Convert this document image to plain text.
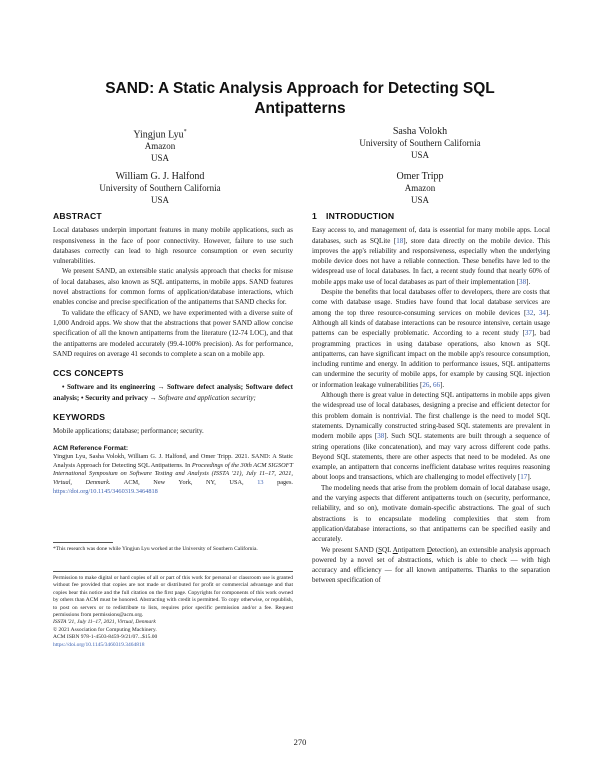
SAND: A Static Analysis Approach for Detecting SQL
Antipatterns
Yingjun Lyu*
Amazon
USA
Sasha Volokh
University of Southern California
USA
William G. J. Halfond
University of Southern California
USA
Omer Tripp
Amazon
USA
ABSTRACT

Local databases underpin important features in many mobile applications, such as responsiveness in the face of poor connectivity. However, failure to use such databases correctly can lead to high resource consumption or even security vulnerabilities.

We present SAND, an extensible static analysis approach that checks for misuse of local databases, also known as SQL antipatterns, in mobile apps. SAND features novel abstractions for common forms of application/database interactions, which enables concise and precise specification of the antipatterns that SAND checks for.

To validate the efficacy of SAND, we have experimented with a diverse suite of 1,000 Android apps. We show that the abstractions that power SAND allow concise specification of all the known antipatterns from the literature (12-74 LOC), and that the antipatterns are modeled accurately (99.4-100% precision). As for performance, SAND requires on average 41 seconds to complete a scan on a mobile app.

CCS CONCEPTS

• Software and its engineering → Software defect analysis; Software defect analysis; • Security and privacy → Software and application security;

KEYWORDS

Mobile applications; database; performance; security.

ACM Reference Format:

Yingjun Lyu, Sasha Volokh, William G. J. Halfond, and Omer Tripp. 2021. SAND: A Static Analysis Approach for Detecting SQL Antipatterns. In Proceedings of the 30th ACM SIGSOFT International Symposium on Software Testing and Analysis (ISSTA '21), July 11–17, 2021, Virtual, Denmark. ACM, New York, NY, USA, 13 pages. https://doi.org/10.1145/3460319.3464818

*This research was done while Yingjun Lyu worked at the University of Southern California.

Permission to make digital or hard copies of all or part of this work for personal or classroom use is granted without fee provided that copies are not made or distributed for profit or commercial advantage and that copies bear this notice and the full citation on the first page. Copyrights for components of this work owned by others than ACM must be honored. Abstracting with credit is permitted. To copy otherwise, or republish, to post on servers or to redistribute to lists, requires prior specific permission and/or a fee. Request permissions from permissions@acm.org.

ISSTA '21, July 11–17, 2021, Virtual, Denmark

© 2021 Association for Computing Machinery.

ACM ISBN 978-1-4503-8459-9/21/07...$15.00

https://doi.org/10.1145/3460319.3464818

1 INTRODUCTION

Easy access to, and management of, data is essential for many mobile apps. Local databases, such as SQLite [18], store data directly on the mobile device. This improves the app's reliability and responsiveness, especially when the underlying mobile device does not have a reliable connection. These benefits have led to the widespread use of local databases. In fact, a recent study found that nearly 60% of mobile apps make use of local databases as part of their implementation [38].

Despite the benefits that local databases offer to developers, there are costs that come with database usage. Studies have found that local database services are among the top three resource-consuming services on mobile devices [32, 34]. Although all kinds of database interactions can be resource intensive, certain usage patterns can be especially problematic. According to a recent study [37], bad programming practices in using database operations, also known as SQL antipatterns, can have significant impact on the mobile app's resource consumption, including runtime and energy. In addition to performance issues, SQL antipatterns can undermine the security of mobile apps, for example by causing SQL injection or information leakage vulnerabilities [26, 66].

Although there is great value in detecting SQL antipatterns in mobile apps given the widespread use of local databases, designing a precise and efficient detector for this problem domain is nontrivial. The first challenge is the need to model SQL statements. Dynamically constructed string-based SQL statements are prevalent in modern mobile apps [38]. Such SQL statements are built through a sequence of string operations (like concatenation), and may vary across different code paths. Beyond SQL statements, there are other aspects that need to be modeled. As one example, an antipattern that concerns inefficient database writes requires reasoning about loops and transactions, which are challenging to model effectively [17].

The modeling needs that arise from the problem domain of local database usage, and the varying aspects that different antipatterns touch on (security, performance, reliability, and so on), motivate domain-specific abstractions. The goal of such abstractions is to encapsulate modeling complexities that stem from application/database interactions, so that antipatterns can be specified easily and accurately.

We present SAND (SQL Antipattern Detection), an extensible analysis approach powered by a novel set of abstractions, which is able to check — with high accuracy and efficiency — for all known antipatterns. Thanks to the separation between specification of

270
